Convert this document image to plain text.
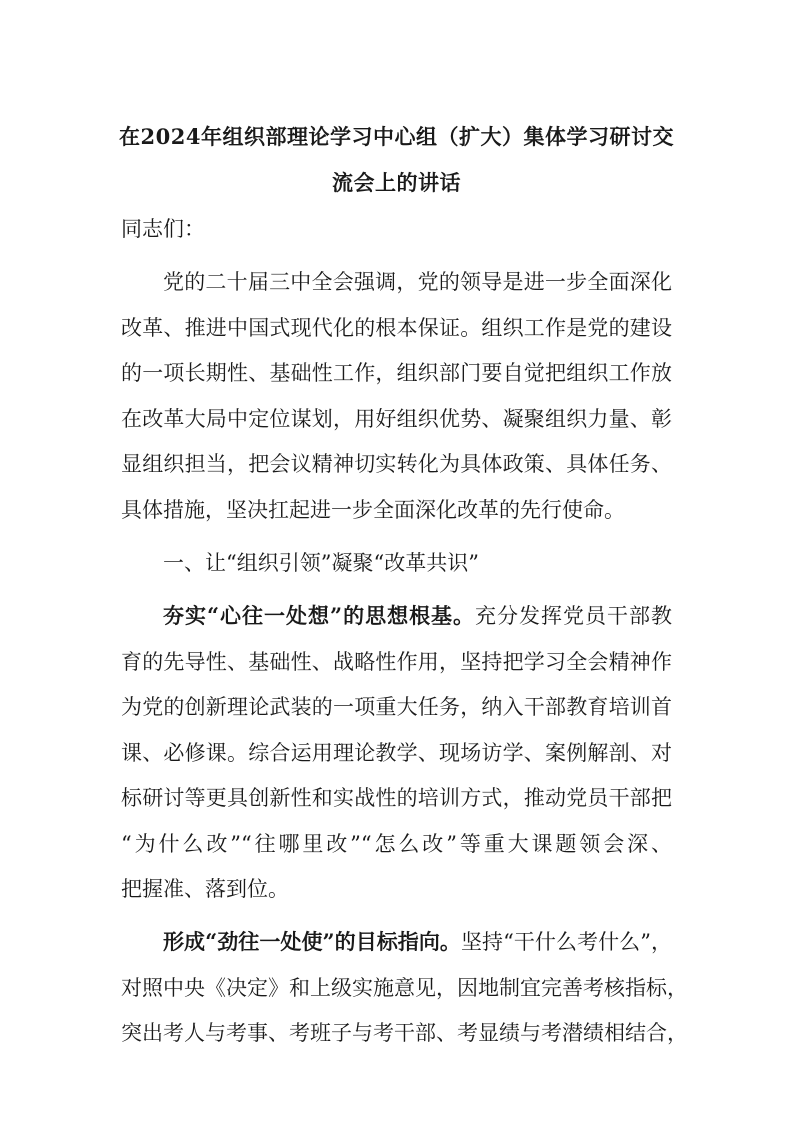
在2024年组织部理论学习中心组（扩大）集体学习研讨交
流会上的讲话
同志们：
党的二十届三中全会强调，党的领导是进一步全面深化
改革、推进中国式现代化的根本保证。组织工作是党的建设
的一项长期性、基础性工作，组织部门要自觉把组织工作放
在改革大局中定位谋划，用好组织优势、凝聚组织力量、彰
显组织担当，把会议精神切实转化为具体政策、具体任务、
具体措施，坚决扛起进一步全面深化改革的先行使命。
一、让“组织引领”凝聚“改革共识”
夯实“心往一处想”的思想根基。充分发挥党员干部教
育的先导性、基础性、战略性作用，坚持把学习全会精神作
为党的创新理论武装的一项重大任务，纳入干部教育培训首
课、必修课。综合运用理论教学、现场访学、案例解剖、对
标研讨等更具创新性和实战性的培训方式，推动党员干部把
“为什么改”“往哪里改”“怎么改”等重大课题领会深、
把握准、落到位。
形成“劲往一处使”的目标指向。坚持“干什么考什么”，
对照中央《决定》和上级实施意见，因地制宜完善考核指标，
突出考人与考事、考班子与考干部、考显绩与考潜绩相结合，
